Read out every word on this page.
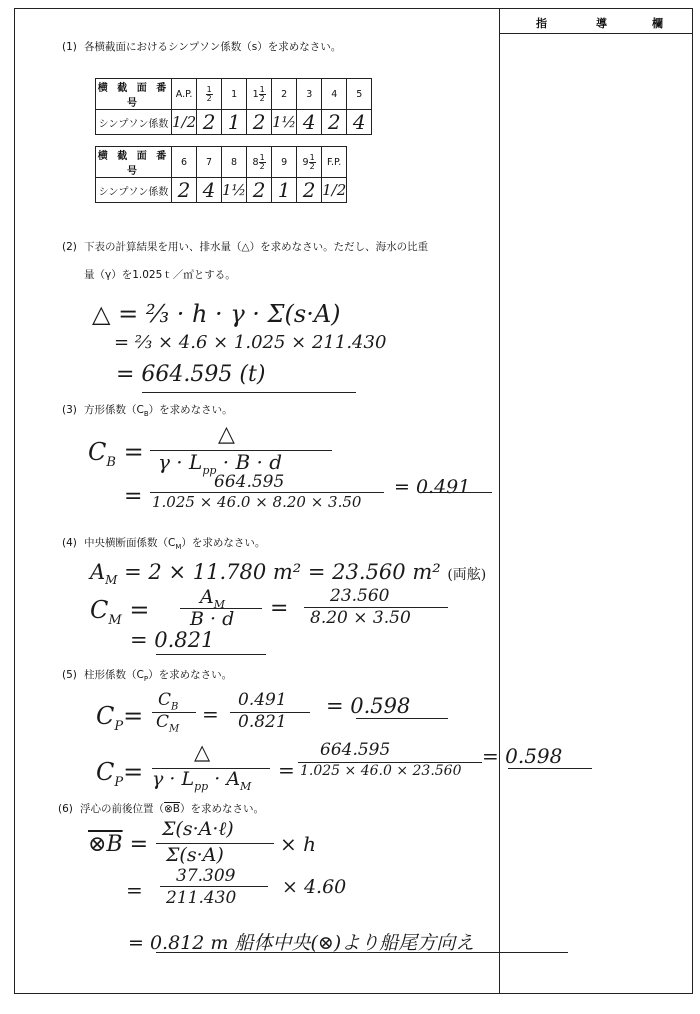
指	導	欄
(1) 各横截面におけるシンプソン係数（s）を求めなさい。
横 截 面 番 号	A.P.	$\frac{1}{2}$	1	$1 \frac{1}{2}$	2	3	4	5
シンプソン係数	1/2	2	1	2	1½	4	2	4
横 截 面 番 号	6	7	8	$8 \frac{1}{2}$	9	$9 \frac{1}{2}$	F.P.
シンプソン係数	2	4	1½	2	1	2	1/2
(2) 下表の計算結果を用い、排水量（△）を求めなさい。ただし、海水の比重
量（γ）を1.025ｔ／㎥とする。
△ = ⅔ · h · γ · Σ(s·A)
= ⅔ × 4.6 × 1.025 × 211.430
= 664.595 (t)
(3) 方形係数$(C_B)$を求めなさい。
$C_B$ =
△
$\gamma \cdot L_{pp} \cdot B \cdot d$
=
664.595
1.025 × 46.0 × 8.20 × 3.50
= 0.491
(4) 中央横断面係数$(C_M)$を求めなさい。
$A_M = 2 \times 11.780$ m² = 23.560 m² (両舷)
$C_M$ =	$A_M$
B · d = 23.560
8.20 × 3.50
= 0.821
(5) 柱形係数$(C_P)$を求めなさい。
$C_P=$
$C_B$
$C_M$
=
0.491
0.821
= 0.598
$C_P=$
△
$\gamma \cdot L_{pp} \cdot A_M$
=
664.595
1.025 × 46.0 × 23.560
= 0.598
(6) 浮心の前後位置（⊗B）を求めなさい。
⊗B =
Σ(s·A·ℓ)
Σ(s·A)	× h
=
37.309
211.430 × 4.60
= 0.812 m 船体中央(⊗)より船尾方向え
